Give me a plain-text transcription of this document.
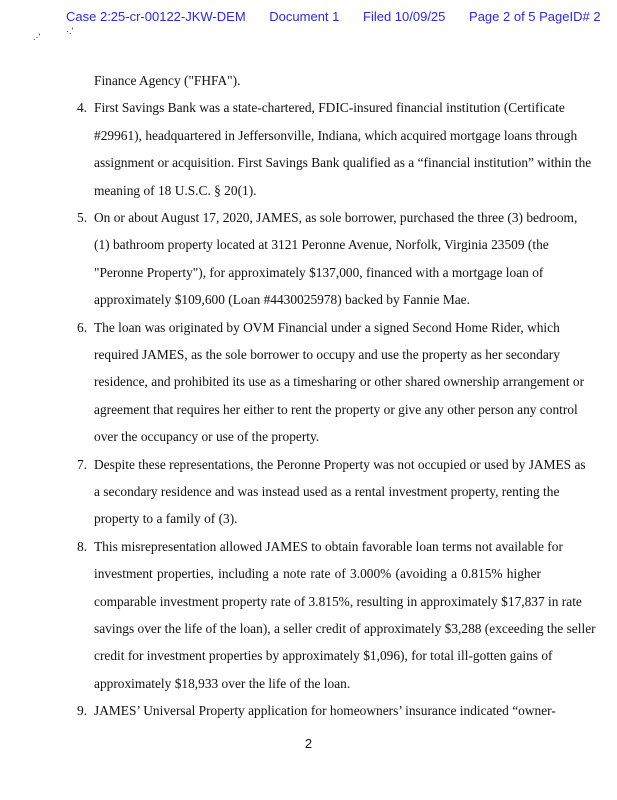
Case 2:25-cr-00122-JKW-DEM Document 1 Filed 10/09/25 Page 2 of 5 PageID# 2
.·'
·.'
Finance Agency ("FHFA").
4. First Savings Bank was a state-chartered, FDIC-insured financial institution (Certificate
#29961), headquartered in Jeffersonville, Indiana, which acquired mortgage loans through
assignment or acquisition. First Savings Bank qualified as a “financial institution” within the
meaning of 18 U.S.C. § 20(1).
5. On or about August 17, 2020, JAMES, as sole borrower, purchased the three (3) bedroom,
(1) bathroom property located at 3121 Peronne Avenue, Norfolk, Virginia 23509 (the
"Peronne Property"), for approximately $137,000, financed with a mortgage loan of
approximately $109,600 (Loan #4430025978) backed by Fannie Mae.
6. The loan was originated by OVM Financial under a signed Second Home Rider, which
required JAMES, as the sole borrower to occupy and use the property as her secondary
residence, and prohibited its use as a timesharing or other shared ownership arrangement or
agreement that requires her either to rent the property or give any other person any control
over the occupancy or use of the property.
7. Despite these representations, the Peronne Property was not occupied or used by JAMES as
a secondary residence and was instead used as a rental investment property, renting the
property to a family of (3).
8. This misrepresentation allowed JAMES to obtain favorable loan terms not available for
investment properties, including a note rate of 3.000% (avoiding a 0.815% higher
comparable investment property rate of 3.815%, resulting in approximately $17,837 in rate
savings over the life of the loan), a seller credit of approximately $3,288 (exceeding the seller
credit for investment properties by approximately $1,096), for total ill-gotten gains of
approximately $18,933 over the life of the loan.
9. JAMES’ Universal Property application for homeowners’ insurance indicated “owner-
2
